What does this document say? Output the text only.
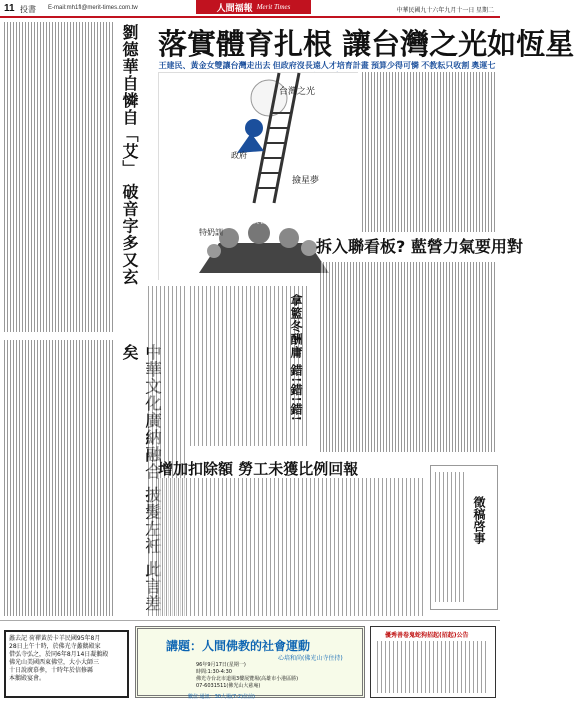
11 投書 E-mail:mh1fl@merit-times.com.tw	人間福報 Merit Times	中華民國九十六年九月十一日 星期二
劉德華自憐自「艾」 破音字多又玄 落實體育扎根 讓台灣之光如恆星
王建民、黃金女雙讓台灣走出去 但政府沒長遠人才培育計畫 預算少得可憐 不教耘只收割 奧運七
台灣之光
撿星夢
政客
特奶訓
政府
拆入聯看板? 藍營力氣要用對
拿籃冬酬庸 錯!錯!錯!
矣
增加扣除額 勞工未獲比例回報
徵稿啓事
蠡去記 荷禪黃於卡羊民國95年8月
28日上午十時，於佛光寺蠡鵝殿家
借弘寺弘之，於同6年8月14日凝鵝殿
佛光山美國西東佛堂，大小大師三
十日說廣慕參，十時年於信修縣
本鵝殿宴會。
講題：人間佛教的社會運動
心培和尚(佛光山寺住持)
96年9月17日(星期一)
時間:1:30-4:30
佛光寺台北市道場3樓展覽場(高雄市小港區勝)
07-6031511(佛光山大慈庵)
數位‧通訊：30人場(7-2)位前)
優秀善卷鬼蛇狗招起(招起)公告
